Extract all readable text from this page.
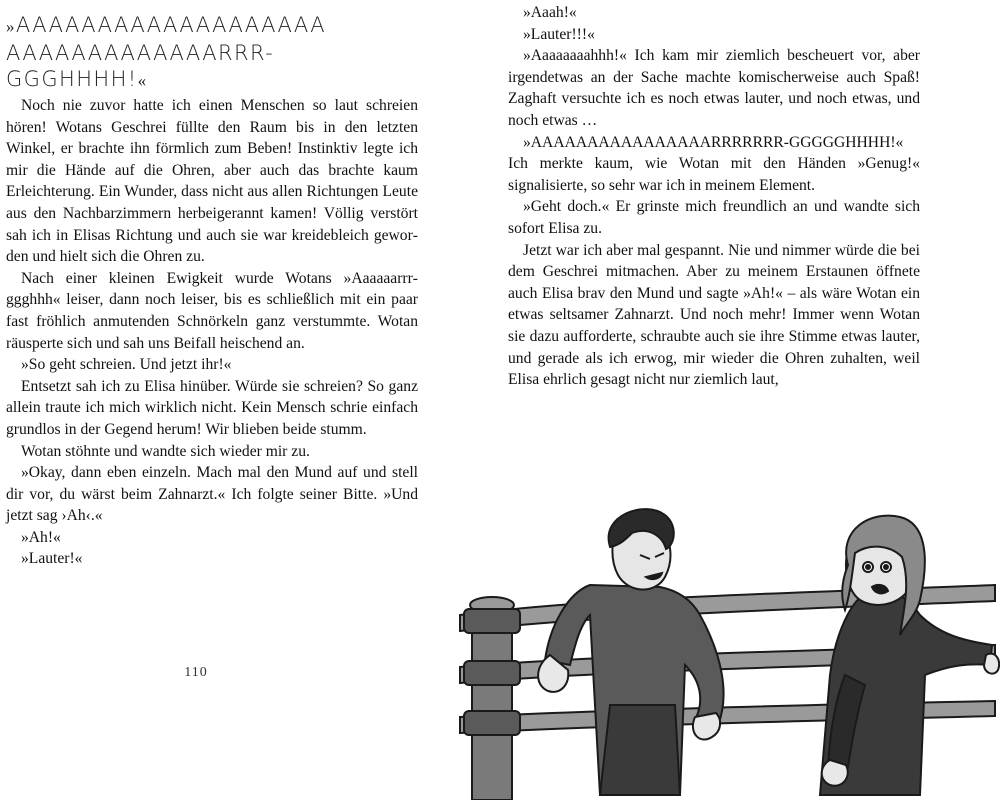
»AAAAAAAAAAAAAAAAAAA AAAAAAAAAAAAARRR- GGGHHHH!«

Noch nie zuvor hatte ich einen Menschen so laut schreien hören! Wotans Geschrei füllte den Raum bis in den letzten Winkel, er brachte ihn förmlich zum Beben! Instinktiv legte ich mir die Hände auf die Ohren, aber auch das brachte kaum Erleichterung. Ein Wunder, dass nicht aus allen Richtungen Leute aus den Nachbarzimmern herbeigerannt kamen! Völlig verstört sah ich in Elisas Richtung und auch sie war kreidebleich geworden und hielt sich die Ohren zu.

Nach einer kleinen Ewigkeit wurde Wotans »Aaaaaarrrggghhh« leiser, dann noch leiser, bis es schließlich mit ein paar fast fröhlich anmutenden Schnörkeln ganz verstummte. Wotan räusperte sich und sah uns Beifall heischend an.

»So geht schreien. Und jetzt ihr!«

Entsetzt sah ich zu Elisa hinüber. Würde sie schreien? So ganz allein traute ich mich wirklich nicht. Kein Mensch schrie einfach grundlos in der Gegend herum! Wir blieben beide stumm.

Wotan stöhnte und wandte sich wieder mir zu.

»Okay, dann eben einzeln. Mach mal den Mund auf und stell dir vor, du wärst beim Zahnarzt.« Ich folgte seiner Bitte. »Und jetzt sag ›Ah‹.«

»Ah!«

»Lauter!«

110

»Aaah!«

»Lauter!!!«

»Aaaaaaaahhh!« Ich kam mir ziemlich bescheuert vor, aber irgendetwas an der Sache machte komischerweise auch Spaß! Zaghaft versuchte ich es noch etwas lauter, und noch etwas, und noch etwas …

»AAAAAAAAAAAAAAAARRRRRRR-GGGGGHHHH!« Ich merkte kaum, wie Wotan mit den Händen »Genug!« signalisierte, so sehr war ich in meinem Element.

»Geht doch.« Er grinste mich freundlich an und wandte sich sofort Elisa zu.

Jetzt war ich aber mal gespannt. Nie und nimmer würde die bei dem Geschrei mitmachen. Aber zu meinem Erstaunen öffnete auch Elisa brav den Mund und sagte »Ah!« – als wäre Wotan ein etwas seltsamer Zahnarzt. Und noch mehr! Immer wenn Wotan sie dazu aufforderte, schraubte auch sie ihre Stimme etwas lauter, und gerade als ich erwog, mir wieder die Ohren zuhalten, weil Elisa ehrlich gesagt nicht nur ziemlich laut,
